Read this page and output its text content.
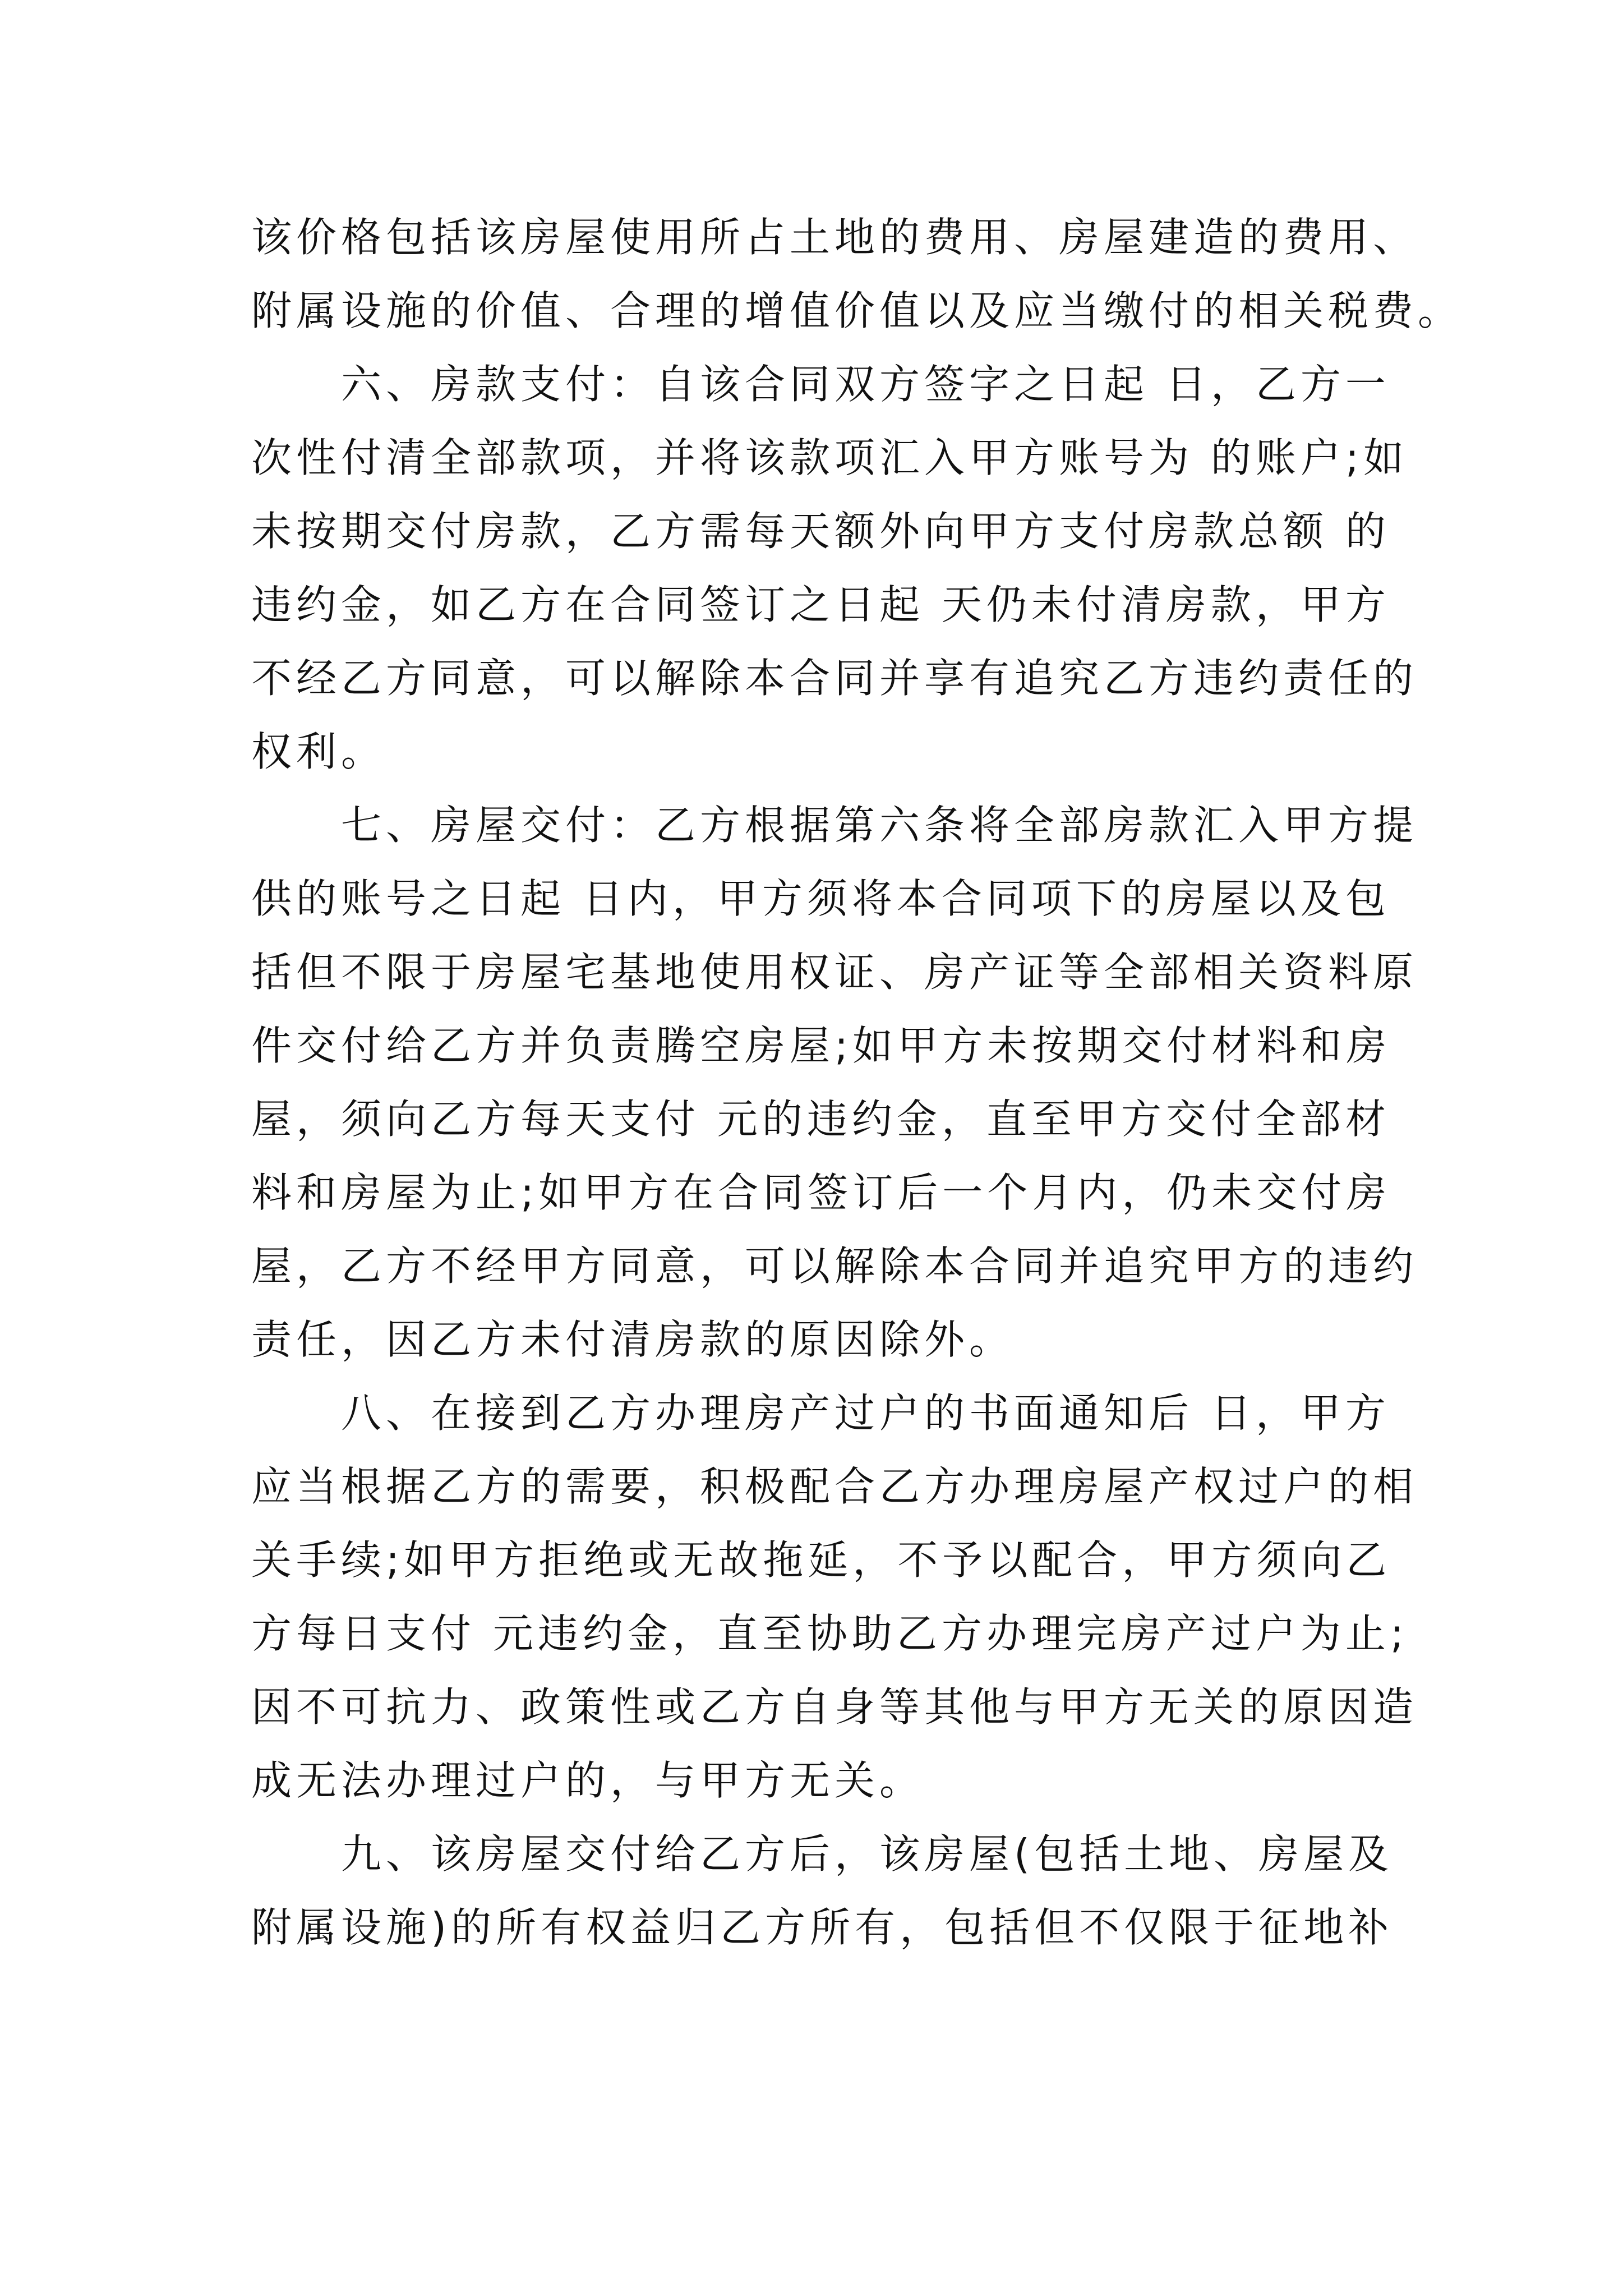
该价格包括该房屋使用所占土地的费用、房屋建造的费用、
附属设施的价值、合理的增值价值以及应当缴付的相关税费。
六、房款支付：自该合同双方签字之日起 日，乙方一
次性付清全部款项，并将该款项汇入甲方账号为 的账户;如
未按期交付房款，乙方需每天额外向甲方支付房款总额 的
违约金，如乙方在合同签订之日起 天仍未付清房款，甲方
不经乙方同意，可以解除本合同并享有追究乙方违约责任的
权利。
七、房屋交付：乙方根据第六条将全部房款汇入甲方提
供的账号之日起 日内，甲方须将本合同项下的房屋以及包
括但不限于房屋宅基地使用权证、房产证等全部相关资料原
件交付给乙方并负责腾空房屋;如甲方未按期交付材料和房
屋，须向乙方每天支付 元的违约金，直至甲方交付全部材
料和房屋为止;如甲方在合同签订后一个月内，仍未交付房
屋，乙方不经甲方同意，可以解除本合同并追究甲方的违约
责任，因乙方未付清房款的原因除外。
八、在接到乙方办理房产过户的书面通知后 日，甲方
应当根据乙方的需要，积极配合乙方办理房屋产权过户的相
关手续;如甲方拒绝或无故拖延，不予以配合，甲方须向乙
方每日支付 元违约金，直至协助乙方办理完房产过户为止;
因不可抗力、政策性或乙方自身等其他与甲方无关的原因造
成无法办理过户的，与甲方无关。
九、该房屋交付给乙方后，该房屋(包括土地、房屋及
附属设施)的所有权益归乙方所有，包括但不仅限于征地补
